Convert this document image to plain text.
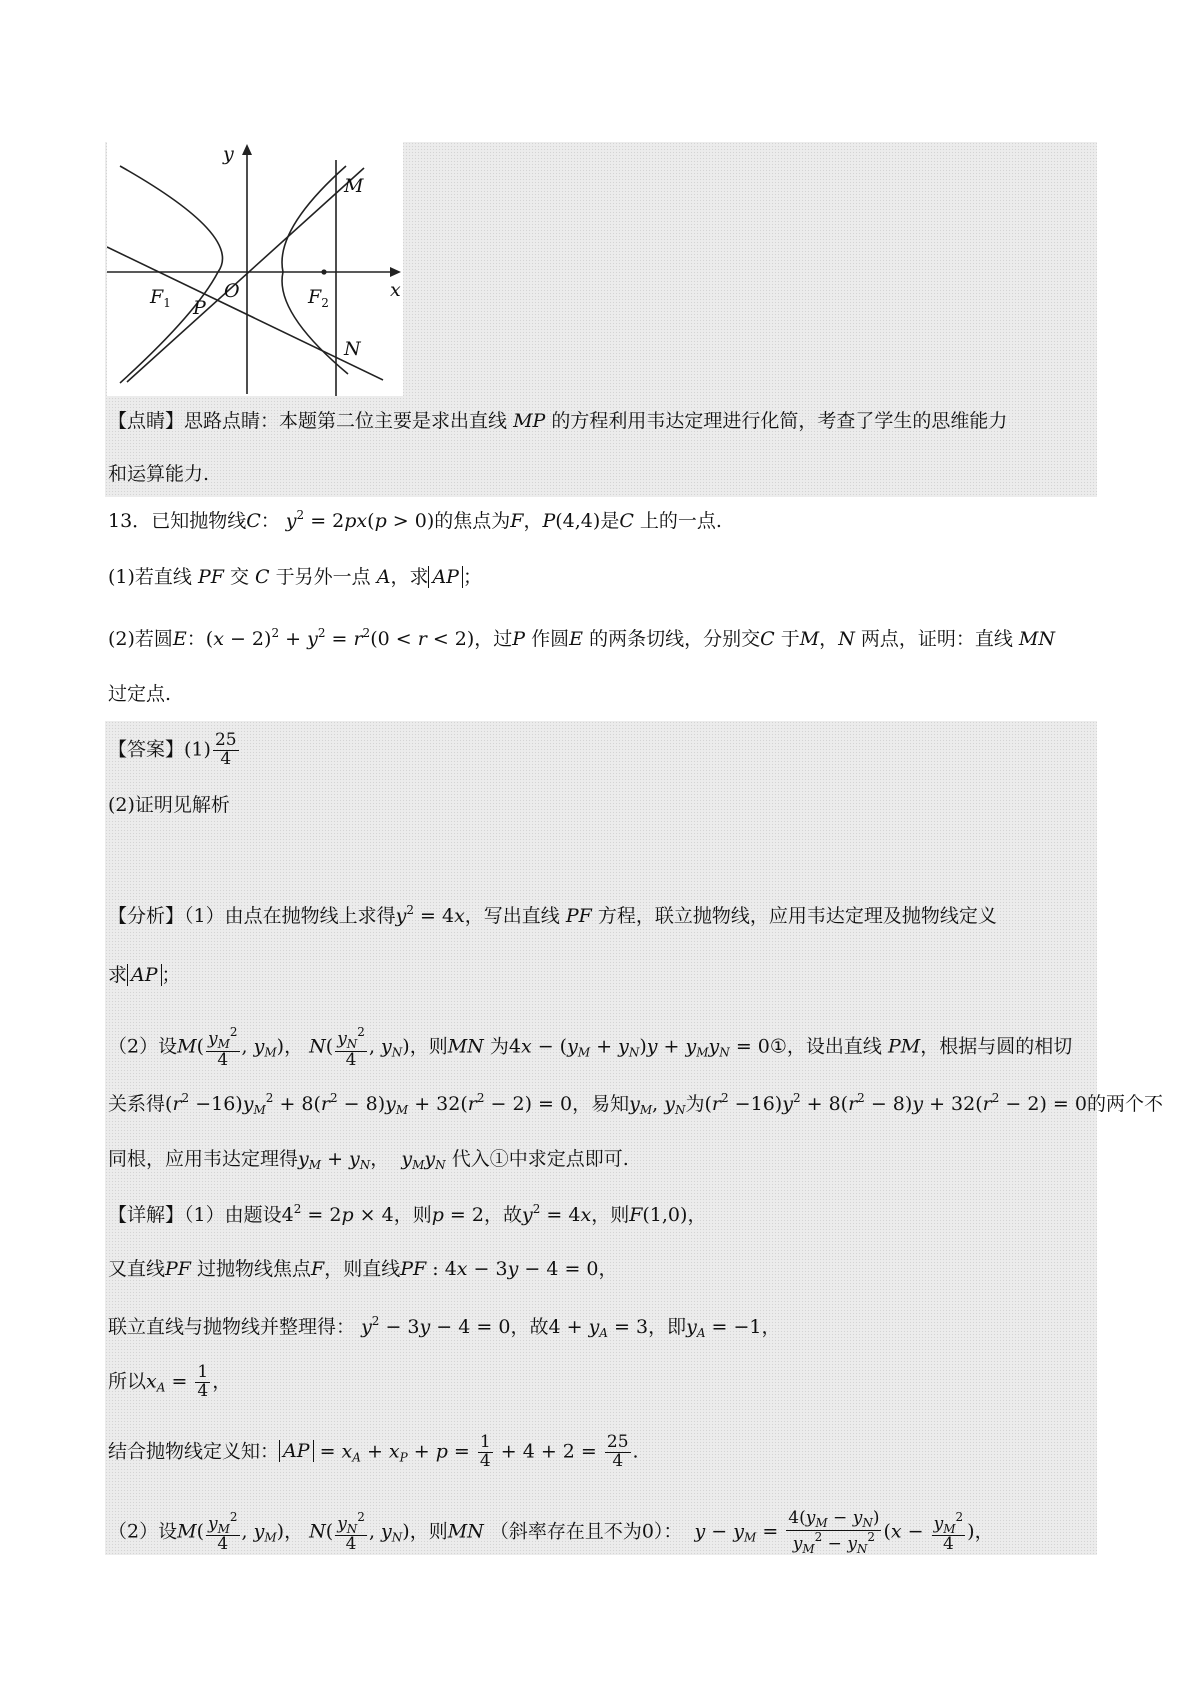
y
x
O
M
N
P
$F_1$	$F_2$
【点睛】思路点睛：本题第二位主要是求出直线 MP 的方程利用韦达定理进行化简，考查了学生的思维能力
和运算能力.
13．已知抛物线C： $y^2 = 2px(p > 0)$的焦点为F，P(4,4)是C 上的一点.
(1)若直线 PF 交 C 于另外一点 A，求 AP ；
(2)若圆E：$(x - 2)^2 + y^2 = r^2(0 < r < 2)$，过P 作圆E 的两条切线，分别交C 于M，N 两点，证明：直线 MN
过定点.
【答案】$(1) \frac{25}{4}$
(2)证明见解析
【分析】（1）由点在抛物线上求得$y^2 = 4x$，写出直线 PF 方程，联立抛物线，应用韦达定理及抛物线定义
求 AP ；
（2）设$M( \frac{y_M^2}{4}$ , $y_M$)， $N( \frac{y_N^2}{4}$ , $y_N$)，则MN 为$4x - (y_M + y_N)y + y_My_N$ = 0①，设出直线 PM，根据与圆的相切
关系得$(r^2 -16)y_M^2 + 8(r^2 - 8)y_M + 32(r^2 - 2) = 0$，易知$y_M$, $y_N$为$(r^2 -16)y^2 + 8(r^2 - 8)y + 32(r^2 - 2) = 0$的两个不
同根，应用韦达定理得$y_M + y_N$， $y_My_N$ 代入①中求定点即可.
【详解】（1）由题设$4^2 = 2p \times 4$，则p = 2，故$y^2 = 4x$，则F(1,0)，
又直线PF 过抛物线焦点F，则直线PF : 4x − 3y − 4 = 0，
联立直线与抛物线并整理得： $y^2 - 3y - 4 = 0$，故$4 + y_A = 3$，即$y_A = -1$，
所以$x_A = \frac{1}{4}$ ，
结合抛物线定义知： AP = $x_A + x_P + p = \frac{1}{4} + 4 + 2 = \frac{25}{4}$ .
（2）设$M( \frac{y_M^2}{4}$ , $y_M$)， $N( \frac{y_N^2}{4}$ , $y_N$)，则MN （斜率存在且不为0）： $y - y_M = \frac{4(y_M - y_N)}{y_M^2 - y_N^2} (x - \frac{y_M^2}{4}$ )，
